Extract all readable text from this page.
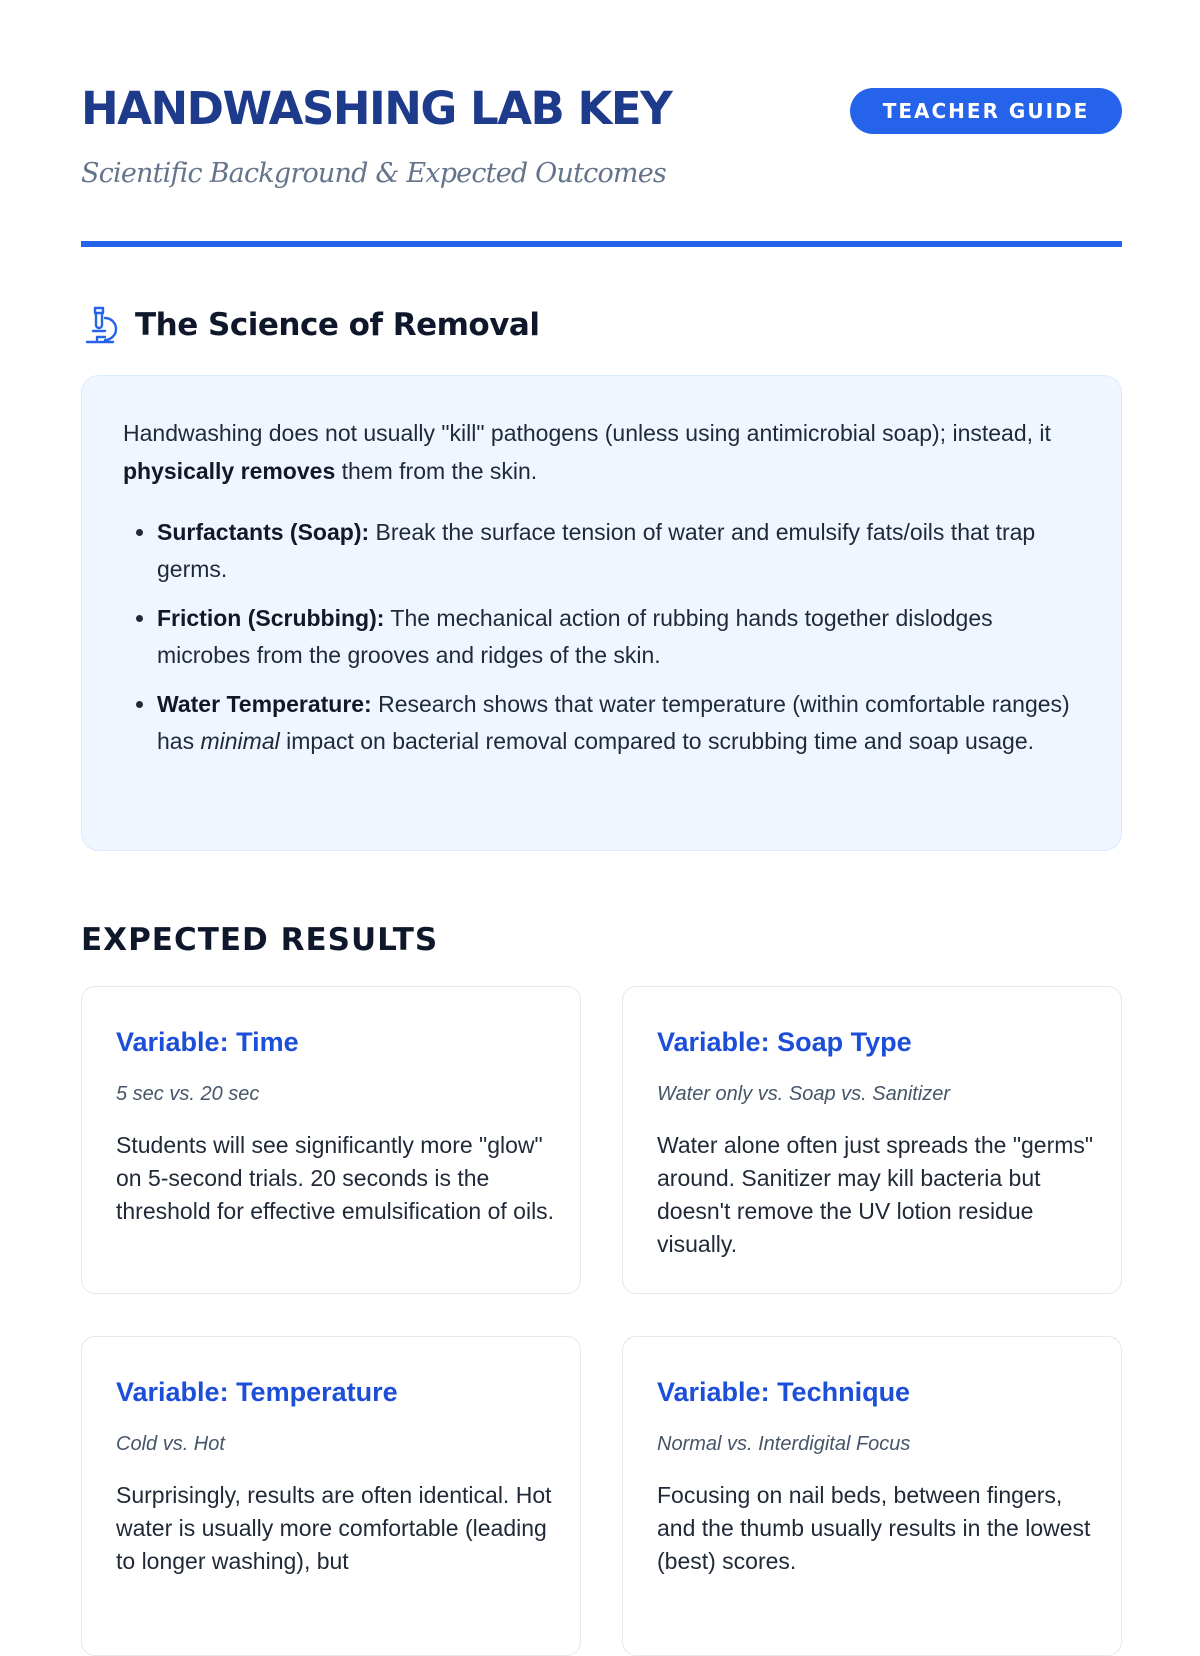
HANDWASHING LAB KEY	TEACHER GUIDE

Scientific Background & Expected Outcomes

The Science of Removal

Handwashing does not usually "kill" pathogens (unless using antimicrobial soap); instead, it physically removes them from the skin.

• Surfactants (Soap): Break the surface tension of water and emulsify fats/oils that trap germs.
• Friction (Scrubbing): The mechanical action of rubbing hands together dislodges microbes from the grooves and ridges of the skin.
• Water Temperature: Research shows that water temperature (within comfortable ranges) has minimal impact on bacterial removal compared to scrubbing time and soap usage.
EXPECTED RESULTS
Variable: Time

5 sec vs. 20 sec

Students will see significantly more "glow" on 5-second trials. 20 seconds is the threshold for effective emulsification of oils.

Variable: Soap Type

Water only vs. Soap vs. Sanitizer

Water alone often just spreads the "germs" around. Sanitizer may kill bacteria but doesn't remove the UV lotion residue visually.

Variable: Temperature

Cold vs. Hot

Surprisingly, results are often identical. Hot water is usually more comfortable (leading to longer washing), but

Variable: Technique

Normal vs. Interdigital Focus

Focusing on nail beds, between fingers, and the thumb usually results in the lowest (best) scores.
